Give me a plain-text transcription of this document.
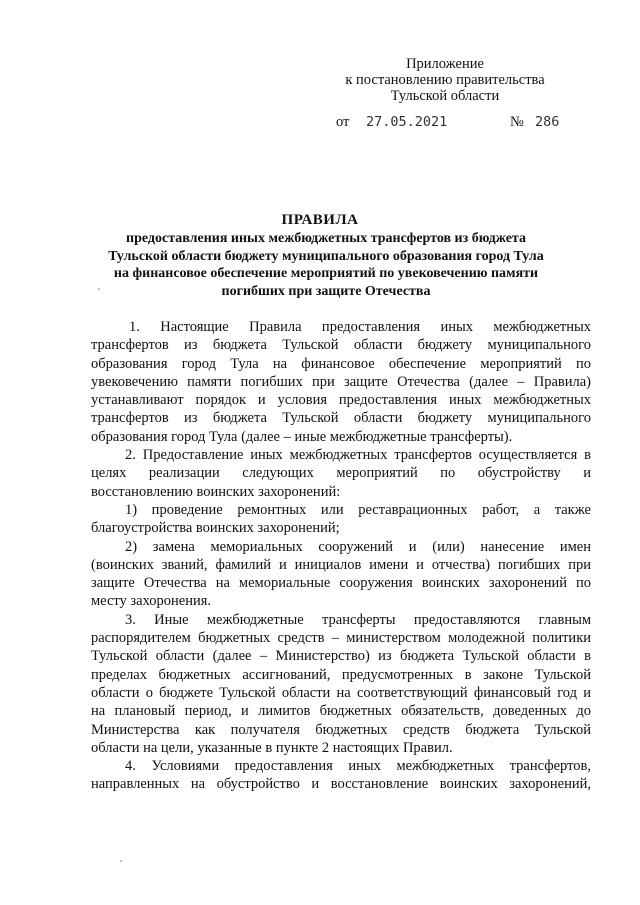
Приложение
к постановлению правительства
Тульской области
от 27.05.2021	№ 286
ПРАВИЛА
предоставления иных межбюджетных трансфертов из бюджета
Тульской области бюджету муниципального образования город Тула
на финансовое обеспечение мероприятий по увековечению памяти
погибших при защите Отечества
1. Настоящие Правила предоставления иных межбюджетных
трансфертов из бюджета Тульской области бюджету муниципального
образования город Тула на финансовое обеспечение мероприятий по
увековечению памяти погибших при защите Отечества (далее – Правила)
устанавливают порядок и условия предоставления иных межбюджетных
трансфертов из бюджета Тульской области бюджету муниципального
образования город Тула (далее – иные межбюджетные трансферты).
2. Предоставление иных межбюджетных трансфертов осуществляется в
целях реализации следующих мероприятий по обустройству и
восстановлению воинских захоронений:
1) проведение ремонтных или реставрационных работ, а также
благоустройства воинских захоронений;
2) замена мемориальных сооружений и (или) нанесение имен
(воинских званий, фамилий и инициалов имени и отчества) погибших при
защите Отечества на мемориальные сооружения воинских захоронений по
месту захоронения.
3. Иные межбюджетные трансферты предоставляются главным
распорядителем бюджетных средств – министерством молодежной политики
Тульской области (далее – Министерство) из бюджета Тульской области в
пределах бюджетных ассигнований, предусмотренных в законе Тульской
области о бюджете Тульской области на соответствующий финансовый год и
на плановый период, и лимитов бюджетных обязательств, доведенных до
Министерства как получателя бюджетных средств бюджета Тульской
области на цели, указанные в пункте 2 настоящих Правил.
4. Условиями предоставления иных межбюджетных трансфертов,
направленных на обустройство и восстановление воинских захоронений,
